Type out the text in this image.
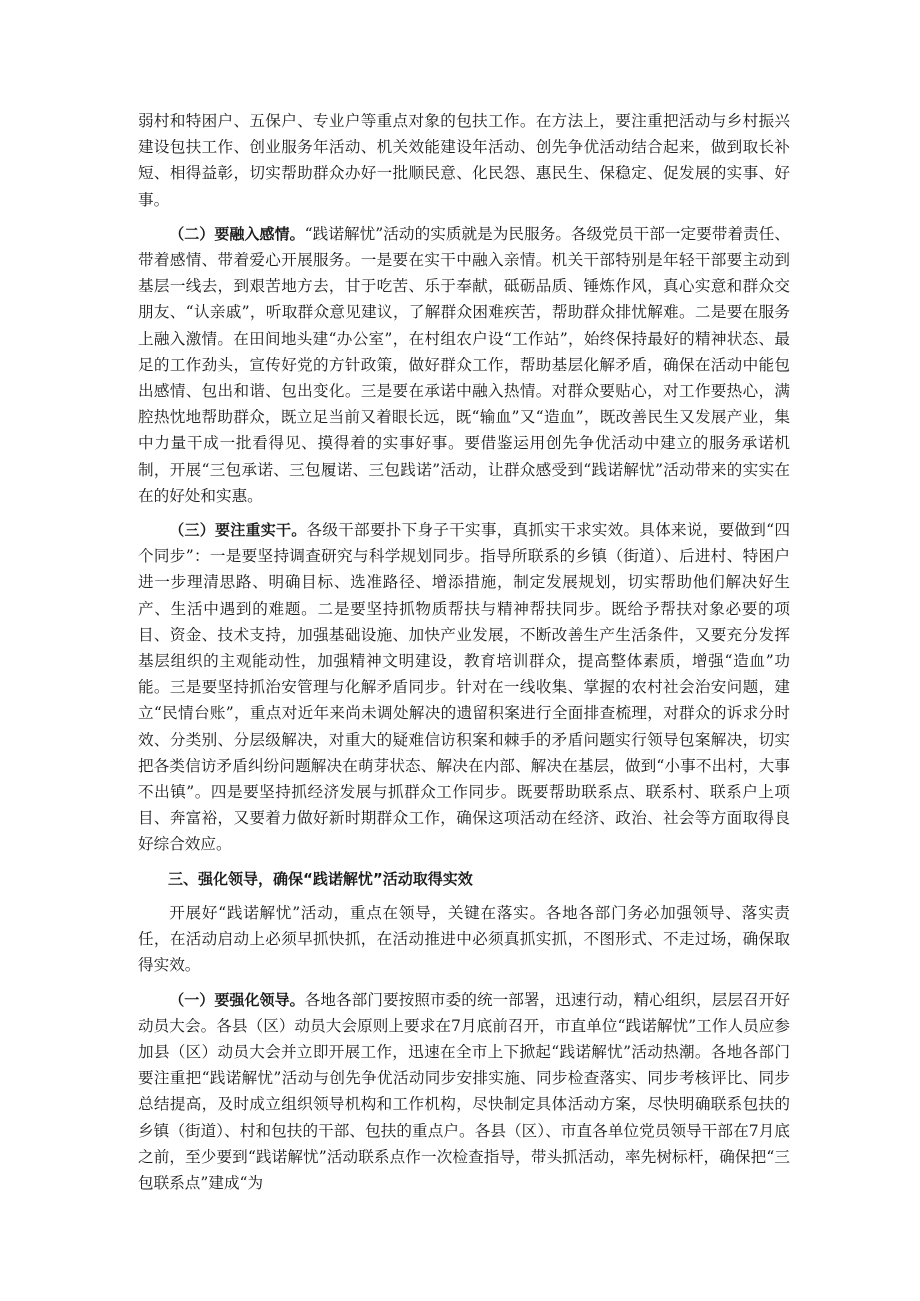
弱村和特困户、五保户、专业户等重点对象的包扶工作。在方法上，要注重把活动与乡村振兴建设包扶工作、创业服务年活动、机关效能建设年活动、创先争优活动结合起来，做到取长补短、相得益彰，切实帮助群众办好一批顺民意、化民怨、惠民生、保稳定、促发展的实事、好事。

（二）要融入感情。“践诺解忧”活动的实质就是为民服务。各级党员干部一定要带着责任、带着感情、带着爱心开展服务。一是要在实干中融入亲情。机关干部特别是年轻干部要主动到基层一线去，到艰苦地方去，甘于吃苦、乐于奉献，砥砺品质、锤炼作风，真心实意和群众交朋友、“认亲戚”，听取群众意见建议，了解群众困难疾苦，帮助群众排忧解难。二是要在服务上融入激情。在田间地头建“办公室”，在村组农户设“工作站”，始终保持最好的精神状态、最足的工作劲头，宣传好党的方针政策，做好群众工作，帮助基层化解矛盾，确保在活动中能包出感情、包出和谐、包出变化。三是要在承诺中融入热情。对群众要贴心，对工作要热心，满腔热忱地帮助群众，既立足当前又着眼长远，既“输血”又“造血”，既改善民生又发展产业，集中力量干成一批看得见、摸得着的实事好事。要借鉴运用创先争优活动中建立的服务承诺机制，开展“三包承诺、三包履诺、三包践诺”活动，让群众感受到“践诺解忧”活动带来的实实在在的好处和实惠。

（三）要注重实干。各级干部要扑下身子干实事，真抓实干求实效。具体来说，要做到“四个同步”：一是要坚持调查研究与科学规划同步。指导所联系的乡镇（街道）、后进村、特困户进一步理清思路、明确目标、选准路径、增添措施，制定发展规划，切实帮助他们解决好生产、生活中遇到的难题。二是要坚持抓物质帮扶与精神帮扶同步。既给予帮扶对象必要的项目、资金、技术支持，加强基础设施、加快产业发展，不断改善生产生活条件，又要充分发挥基层组织的主观能动性，加强精神文明建设，教育培训群众，提高整体素质，增强“造血”功能。三是要坚持抓治安管理与化解矛盾同步。针对在一线收集、掌握的农村社会治安问题，建立“民情台账”，重点对近年来尚未调处解决的遗留积案进行全面排查梳理，对群众的诉求分时效、分类别、分层级解决，对重大的疑难信访积案和棘手的矛盾问题实行领导包案解决，切实把各类信访矛盾纠纷问题解决在萌芽状态、解决在内部、解决在基层，做到“小事不出村，大事不出镇”。四是要坚持抓经济发展与抓群众工作同步。既要帮助联系点、联系村、联系户上项目、奔富裕，又要着力做好新时期群众工作，确保这项活动在经济、政治、社会等方面取得良好综合效应。

三、强化领导，确保“践诺解忧”活动取得实效

开展好“践诺解忧”活动，重点在领导，关键在落实。各地各部门务必加强领导、落实责任，在活动启动上必须早抓快抓，在活动推进中必须真抓实抓，不图形式、不走过场，确保取得实效。

（一）要强化领导。各地各部门要按照市委的统一部署，迅速行动，精心组织，层层召开好动员大会。各县（区）动员大会原则上要求在7月底前召开，市直单位“践诺解忧”工作人员应参加县（区）动员大会并立即开展工作，迅速在全市上下掀起“践诺解忧”活动热潮。各地各部门要注重把“践诺解忧”活动与创先争优活动同步安排实施、同步检查落实、同步考核评比、同步总结提高，及时成立组织领导机构和工作机构，尽快制定具体活动方案，尽快明确联系包扶的乡镇（街道）、村和包扶的干部、包扶的重点户。各县（区）、市直各单位党员领导干部在7月底之前，至少要到“践诺解忧”活动联系点作一次检查指导，带头抓活动，率先树标杆，确保把“三包联系点”建成“为
